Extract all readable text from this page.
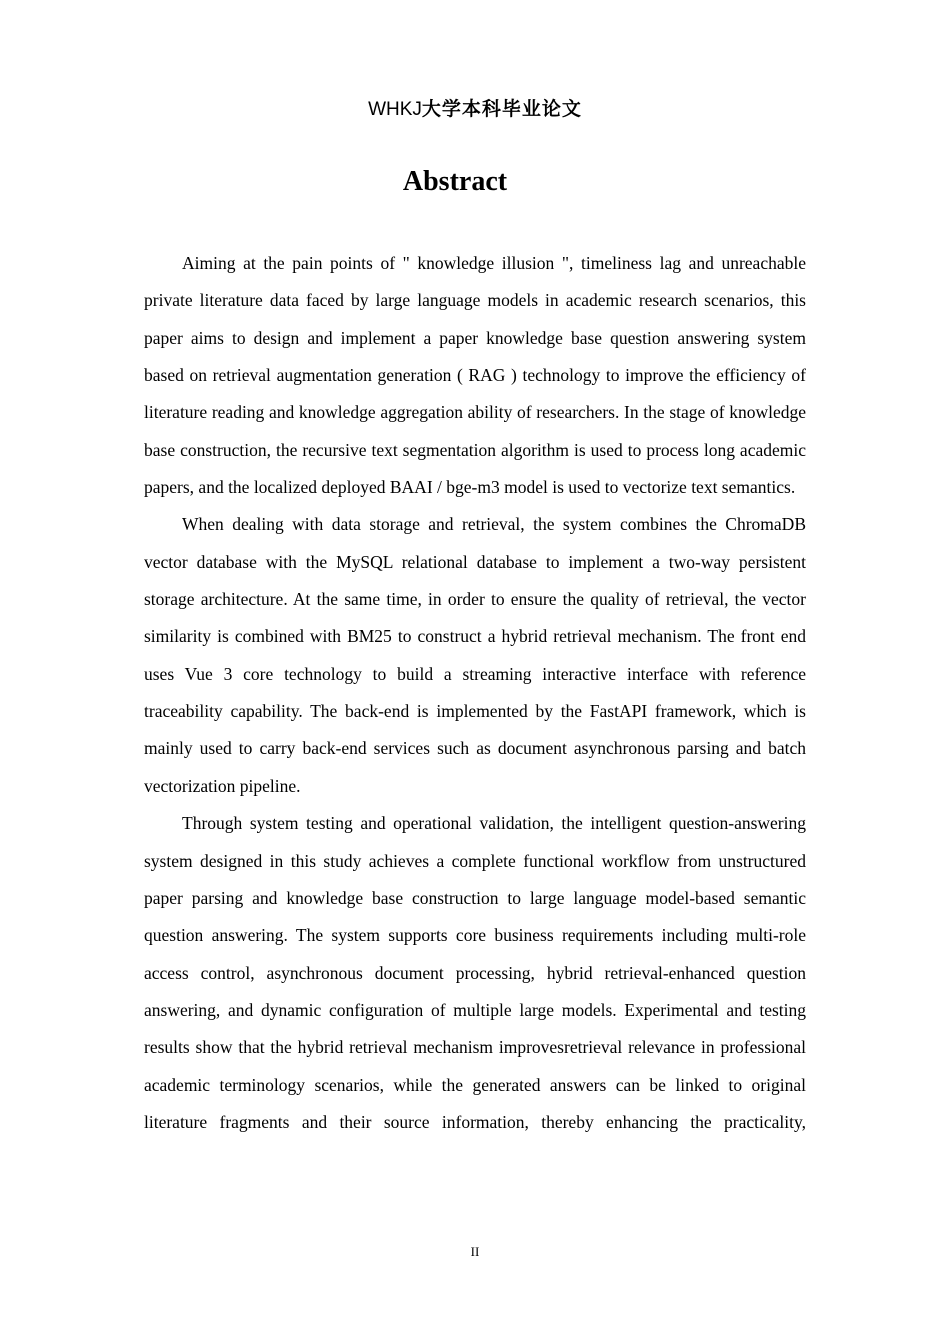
WHKJ大学本科毕业论文
Abstract

Aiming at the pain points of " knowledge illusion ", timeliness lag and unreachable private literature data faced by large language models in academic research scenarios, this paper aims to design and implement a paper knowledge base question answering system based on retrieval augmentation generation ( RAG ) technology to improve the efficiency of literature reading and knowledge aggregation ability of researchers. In the stage of knowledge base construction, the recursive text segmentation algorithm is used to process long academic papers, and the localized deployed BAAI / bge-m3 model is used to vectorize text semantics.

When dealing with data storage and retrieval, the system combines the ChromaDB vector database with the MySQL relational database to implement a two-way persistent storage architecture. At the same time, in order to ensure the quality of retrieval, the vector similarity is combined with BM25 to construct a hybrid retrieval mechanism. The front end uses Vue 3 core technology to build a streaming interactive interface with reference traceability capability. The back-end is implemented by the FastAPI framework, which is mainly used to carry back-end services such as document asynchronous parsing and batch vectorization pipeline.

Through system testing and operational validation, the intelligent question-answering system designed in this study achieves a complete functional workflow from unstructured paper parsing and knowledge base construction to large language model-based semantic question answering. The system supports core business requirements including multi-role access control, asynchronous document processing, hybrid retrieval-enhanced question answering, and dynamic configuration of multiple large models. Experimental and testing results show that the hybrid retrieval mechanism improvesretrieval relevance in professional academic terminology scenarios, while the generated answers can be linked to original literature fragments and their source information, thereby enhancing the practicality,

II
